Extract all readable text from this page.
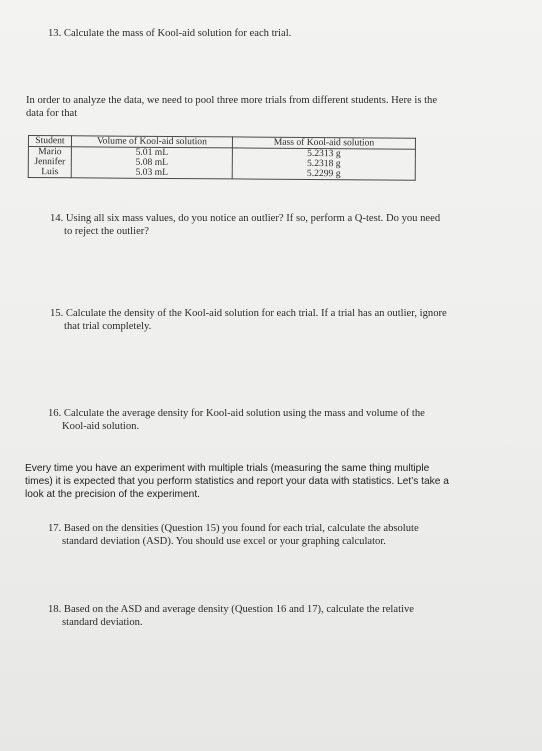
13. Calculate the mass of Kool-aid solution for each trial.
In order to analyze the data, we need to pool three more trials from different students. Here is the
data for that
Student	Volume of Kool-aid solution	Mass of Kool-aid solution
Mario	5.01 mL	5.2313 g
Jennifer	5.08 mL	5.2318 g
Luis	5.03 mL	5.2299 g
14. Using all six mass values, do you notice an outlier? If so, perform a Q-test. Do you need
to reject the outlier?
15. Calculate the density of the Kool-aid solution for each trial. If a trial has an outlier, ignore
that trial completely.
16. Calculate the average density for Kool-aid solution using the mass and volume of the
Kool-aid solution.
Every time you have an experiment with multiple trials (measuring the same thing multiple
times) it is expected that you perform statistics and report your data with statistics. Let’s take a
look at the precision of the experiment.
17. Based on the densities (Question 15) you found for each trial, calculate the absolute
standard deviation (ASD). You should use excel or your graphing calculator.
18. Based on the ASD and average density (Question 16 and 17), calculate the relative
standard deviation.
